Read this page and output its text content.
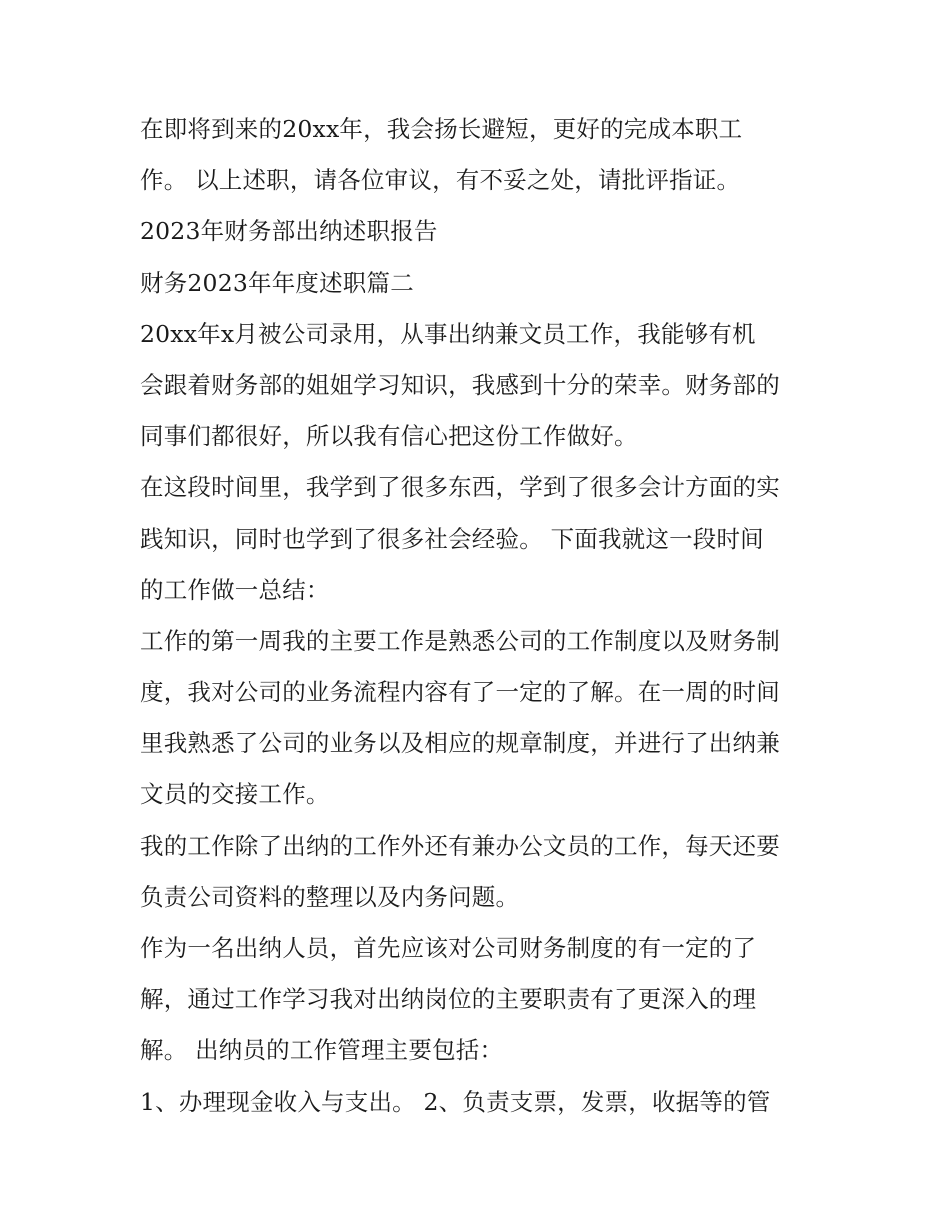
在即将到来的20xx年，我会扬长避短，更好的完成本职工
作。 以上述职，请各位审议，有不妥之处，请批评指证。
2023年财务部出纳述职报告
财务2023年年度述职篇二
20xx年x月被公司录用，从事出纳兼文员工作，我能够有机
会跟着财务部的姐姐学习知识，我感到十分的荣幸。财务部的
同事们都很好，所以我有信心把这份工作做好。
在这段时间里，我学到了很多东西，学到了很多会计方面的实
践知识，同时也学到了很多社会经验。 下面我就这一段时间
的工作做一总结：
工作的第一周我的主要工作是熟悉公司的工作制度以及财务制
度，我对公司的业务流程内容有了一定的了解。在一周的时间
里我熟悉了公司的业务以及相应的规章制度，并进行了出纳兼
文员的交接工作。
我的工作除了出纳的工作外还有兼办公文员的工作，每天还要
负责公司资料的整理以及内务问题。
作为一名出纳人员，首先应该对公司财务制度的有一定的了
解，通过工作学习我对出纳岗位的主要职责有了更深入的理
解。 出纳员的工作管理主要包括：
1、办理现金收入与支出。 2、负责支票，发票，收据等的管
